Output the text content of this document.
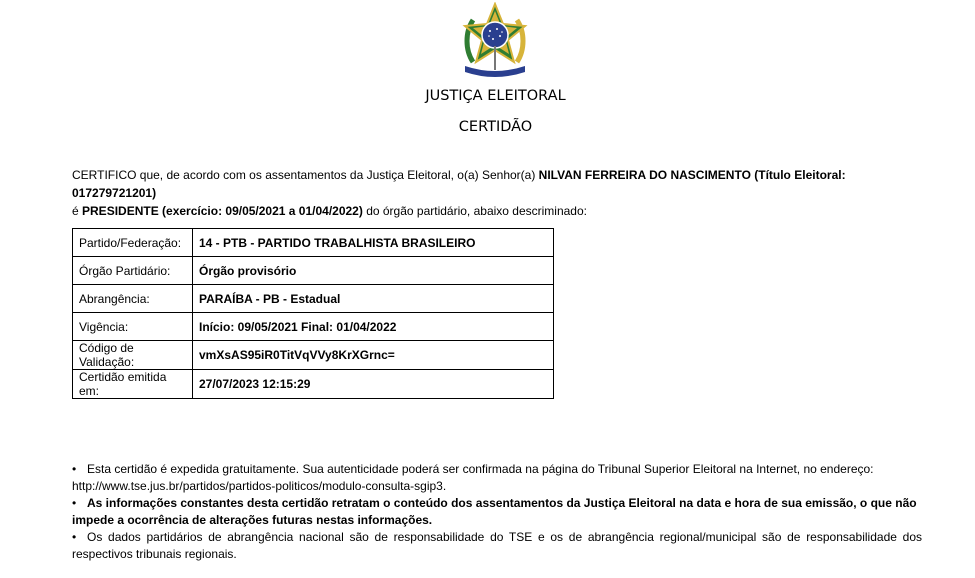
JUSTIÇA ELEITORAL
CERTIDÃO
CERTIFICO que, de acordo com os assentamentos da Justiça Eleitoral, o(a) Senhor(a) NILVAN FERREIRA DO NASCIMENTO (Título Eleitoral: 017279721201)
é PRESIDENTE (exercício: 09/05/2021 a 01/04/2022) do órgão partidário, abaixo descriminado:
Partido/Federação:	14 - PTB - PARTIDO TRABALHISTA BRASILEIRO
Órgão Partidário:	Órgão provisório
Abrangência:	PARAÍBA - PB - Estadual
Vigência:	Início: 09/05/2021 Final: 01/04/2022
Código de Validação:	vmXsAS95iR0TitVqVVy8KrXGrnc=
Certidão emitida em:	27/07/2023 12:15:29

• Esta certidão é expedida gratuitamente. Sua autenticidade poderá ser confirmada na página do Tribunal Superior Eleitoral na Internet, no endereço:
http://www.tse.jus.br/partidos/partidos-politicos/modulo-consulta-sgip3.

• As informações constantes desta certidão retratam o conteúdo dos assentamentos da Justiça Eleitoral na data e hora de sua emissão, o que não impede a ocorrência de alterações futuras nestas informações.

• Os dados partidários de abrangência nacional são de responsabilidade do TSE e os de abrangência regional/municipal são de responsabilidade dos respectivos tribunais regionais.
